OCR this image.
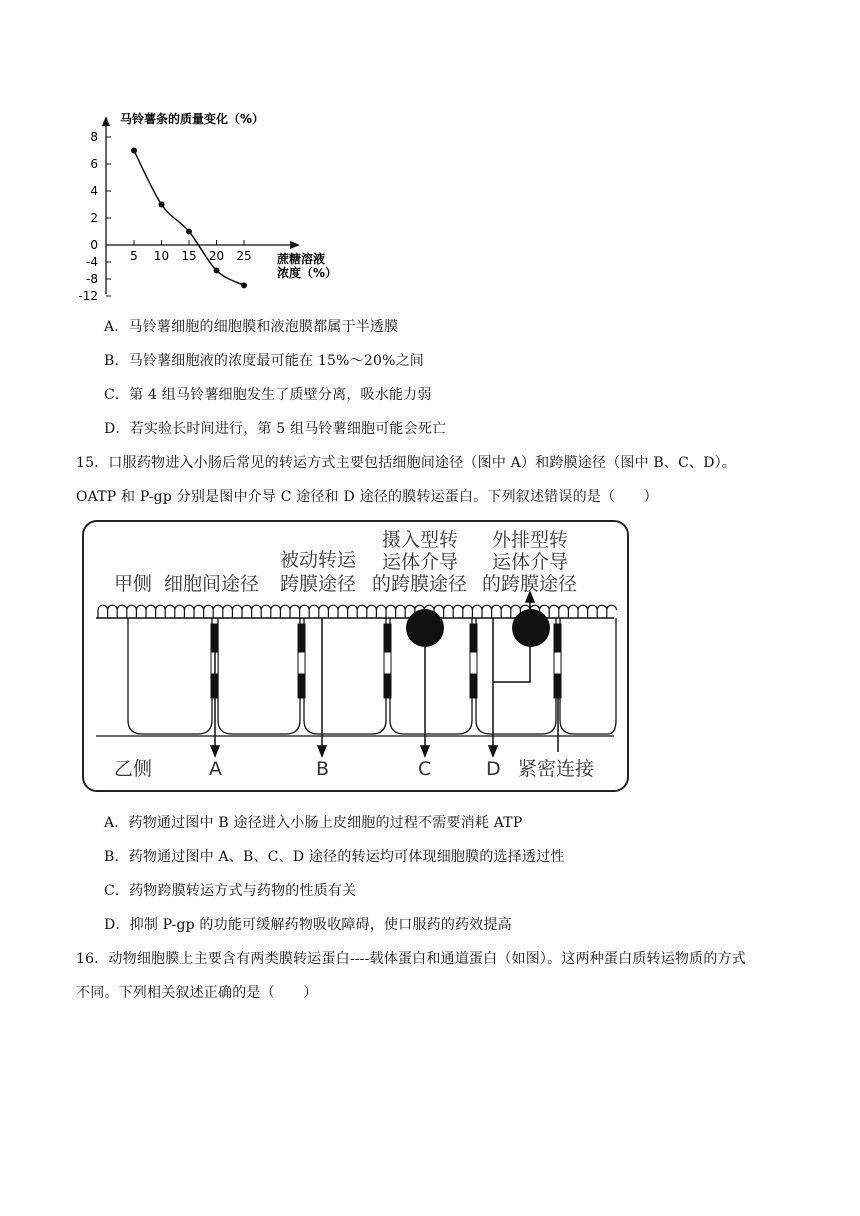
马铃薯条的质量变化（%）
8
6
4
2
0
-4
-8
-12
5 10 15 20 25 蔗糖溶液
浓度（%）
A．马铃薯细胞的细胞膜和液泡膜都属于半透膜
B．马铃薯细胞液的浓度最可能在 15%～20%之间
C．第 4 组马铃薯细胞发生了质壁分离，吸水能力弱
D．若实验长时间进行，第 5 组马铃薯细胞可能会死亡
15．口服药物进入小肠后常见的转运方式主要包括细胞间途径（图中 A）和跨膜途径（图中 B、C、D）。
OATP 和 P-gp 分别是图中介导 C 途径和 D 途径的膜转运蛋白。下列叙述错误的是（　　）
甲侧 细胞间途径
被动转运
跨膜途径
摄入型转
运体介导
的跨膜途径
外排型转
运体介导
的跨膜途径
乙侧	A	B	C	D 紧密连接
A．药物通过图中 B 途径进入小肠上皮细胞的过程不需要消耗 ATP
B．药物通过图中 A、B、C、D 途径的转运均可体现细胞膜的选择透过性
C．药物跨膜转运方式与药物的性质有关
D．抑制 P-gp 的功能可缓解药物吸收障碍，使口服药的药效提高
16．动物细胞膜上主要含有两类膜转运蛋白----载体蛋白和通道蛋白（如图）。这两种蛋白质转运物质的方式
不同。下列相关叙述正确的是（　　）
